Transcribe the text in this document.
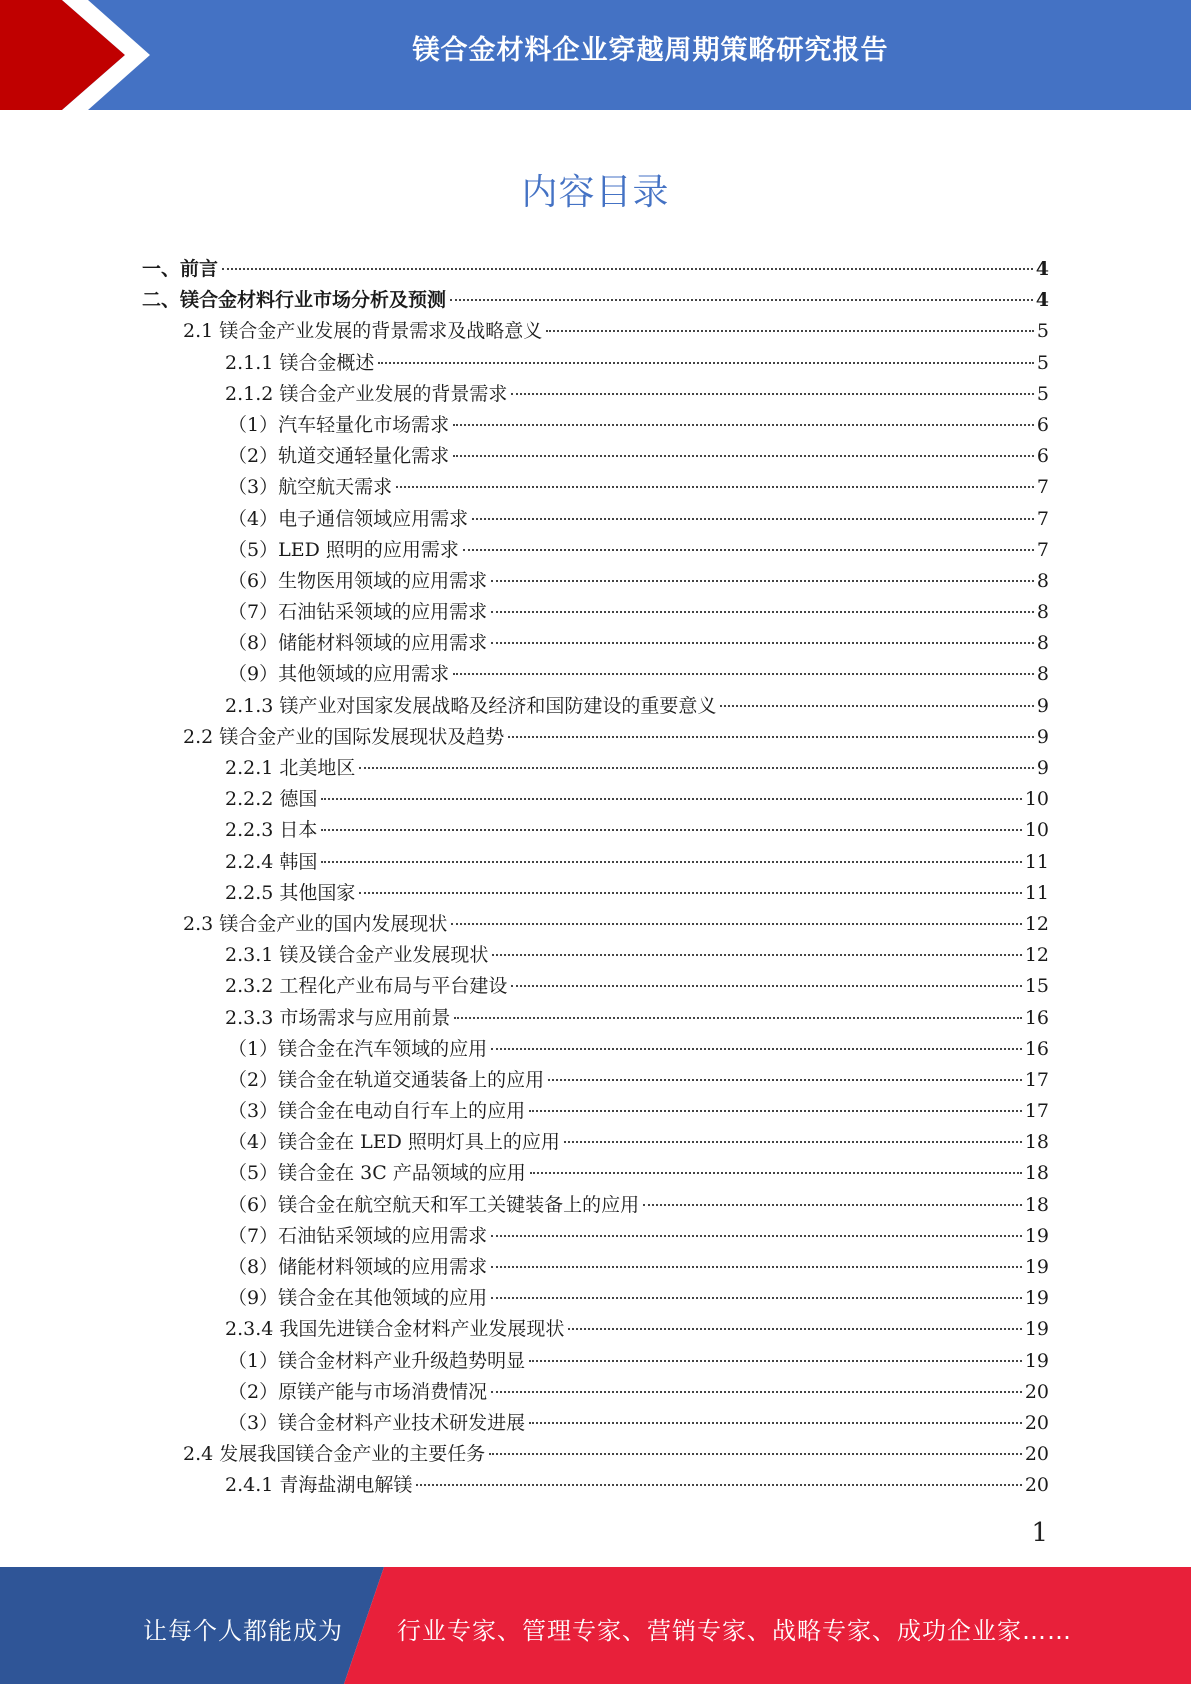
镁合金材料企业穿越周期策略研究报告
内容目录
一、前言	4
二、镁合金材料行业市场分析及预测	4
2.1 镁合金产业发展的背景需求及战略意义	5
2.1.1 镁合金概述	5
2.1.2 镁合金产业发展的背景需求	5
（1）汽车轻量化市场需求	6
（2）轨道交通轻量化需求	6
（3）航空航天需求	7
（4）电子通信领域应用需求	7
（5）LED 照明的应用需求	7
（6）生物医用领域的应用需求	8
（7）石油钻采领域的应用需求	8
（8）储能材料领域的应用需求	8
（9）其他领域的应用需求	8
2.1.3 镁产业对国家发展战略及经济和国防建设的重要意义	9
2.2 镁合金产业的国际发展现状及趋势	9
2.2.1 北美地区	9
2.2.2 德国	10
2.2.3 日本	10
2.2.4 韩国	11
2.2.5 其他国家	11
2.3 镁合金产业的国内发展现状	12
2.3.1 镁及镁合金产业发展现状	12
2.3.2 工程化产业布局与平台建设	15
2.3.3 市场需求与应用前景	16
（1）镁合金在汽车领域的应用	16
（2）镁合金在轨道交通装备上的应用	17
（3）镁合金在电动自行车上的应用	17
（4）镁合金在 LED 照明灯具上的应用	18
（5）镁合金在 3C 产品领域的应用	18
（6）镁合金在航空航天和军工关键装备上的应用	18
（7）石油钻采领域的应用需求	19
（8）储能材料领域的应用需求	19
（9）镁合金在其他领域的应用	19
2.3.4 我国先进镁合金材料产业发展现状	19
（1）镁合金材料产业升级趋势明显	19
（2）原镁产能与市场消费情况	20
（3）镁合金材料产业技术研发进展	20
2.4 发展我国镁合金产业的主要任务	20
2.4.1 青海盐湖电解镁	20
1
让每个人都能成为 行业专家、管理专家、营销专家、战略专家、成功企业家……
